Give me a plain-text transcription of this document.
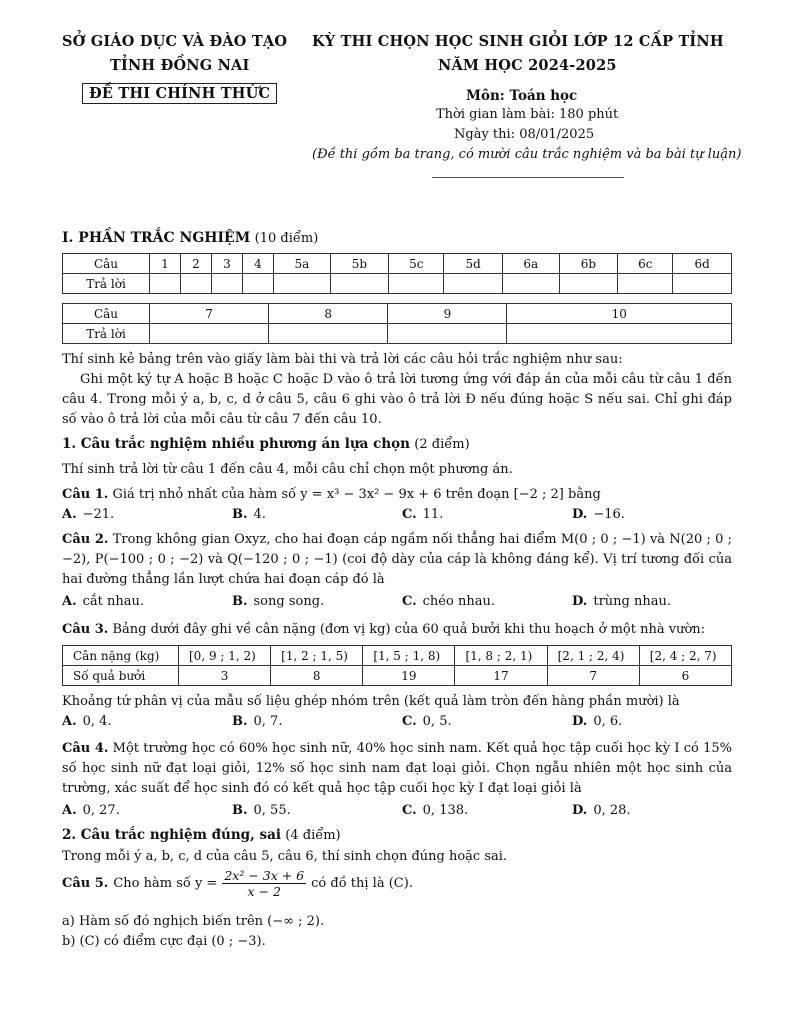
SỞ GIÁO DỤC VÀ ĐÀO TẠO
TỈNH ĐỒNG NAI
ĐỀ THI CHÍNH THỨC
KỲ THI CHỌN HỌC SINH GIỎI LỚP 12 CẤP TỈNH
NĂM HỌC 2024-2025
Môn: Toán học
Thời gian làm bài: 180 phút
Ngày thi: 08/01/2025
(Đề thi gồm ba trang, có mười câu trắc nghiệm và ba bài tự luận)
I. PHẦN TRẮC NGHIỆM (10 điểm)
Câu	1	2	3	4	5a	5b	5c	5d	6a	6b	6c	6d
Trả lời												
Câu	7	8	9	10
Trả lời				
Thí sinh kẻ bảng trên vào giấy làm bài thi và trả lời các câu hỏi trắc nghiệm như sau:
Ghi một ký tự A hoặc B hoặc C hoặc D vào ô trả lời tương ứng với đáp án của mỗi câu từ câu 1 đến câu 4. Trong mỗi ý a, b, c, d ở câu 5, câu 6 ghi vào ô trả lời Đ nếu đúng hoặc S nếu sai. Chỉ ghi đáp số vào ô trả lời của mỗi câu từ câu 7 đến câu 10.
1. Câu trắc nghiệm nhiều phương án lựa chọn (2 điểm)
Thí sinh trả lời từ câu 1 đến câu 4, mỗi câu chỉ chọn một phương án.
Câu 1. Giá trị nhỏ nhất của hàm số y = x³ − 3x² − 9x + 6 trên đoạn [−2 ; 2] bằng
A. −21.	B. 4.	C. 11.	D. −16.
Câu 2. Trong không gian Oxyz, cho hai đoạn cáp ngầm nối thẳng hai điểm M(0 ; 0 ; −1) và N(20 ; 0 ; −2), P(−100 ; 0 ; −2) và Q(−120 ; 0 ; −1) (coi độ dày của cáp là không đáng kể). Vị trí tương đối của hai đường thẳng lần lượt chứa hai đoạn cáp đó là
A. cắt nhau.	B. song song.	C. chéo nhau.	D. trùng nhau.
Câu 3. Bảng dưới đây ghi về cân nặng (đơn vị kg) của 60 quả bưởi khi thu hoạch ở một nhà vườn:
Cân nặng (kg)	[0, 9 ; 1, 2)	[1, 2 ; 1, 5)	[1, 5 ; 1, 8)	[1, 8 ; 2, 1)	[2, 1 ; 2, 4)	[2, 4 ; 2, 7)
Số quả bưởi	3	8	19	17	7	6
Khoảng tứ phân vị của mẫu số liệu ghép nhóm trên (kết quả làm tròn đến hàng phần mười) là
A. 0, 4.	B. 0, 7.	C. 0, 5.	D. 0, 6.
Câu 4. Một trường học có 60% học sinh nữ, 40% học sinh nam. Kết quả học tập cuối học kỳ I có 15% số học sinh nữ đạt loại giỏi, 12% số học sinh nam đạt loại giỏi. Chọn ngẫu nhiên một học sinh của trường, xác suất để học sinh đó có kết quả học tập cuối học kỳ I đạt loại giỏi là
A. 0, 27.	B. 0, 55.	C. 0, 138.	D. 0, 28.
2. Câu trắc nghiệm đúng, sai (4 điểm)
Trong mỗi ý a, b, c, d của câu 5, câu 6, thí sinh chọn đúng hoặc sai.
Câu 5. Cho hàm số $y = \frac{\text{2x² − 3x + 6}}{x - 2}$ có đồ thị là (C).
a) Hàm số đó nghịch biến trên (−∞ ; 2).
b) (C) có điểm cực đại (0 ; −3).
